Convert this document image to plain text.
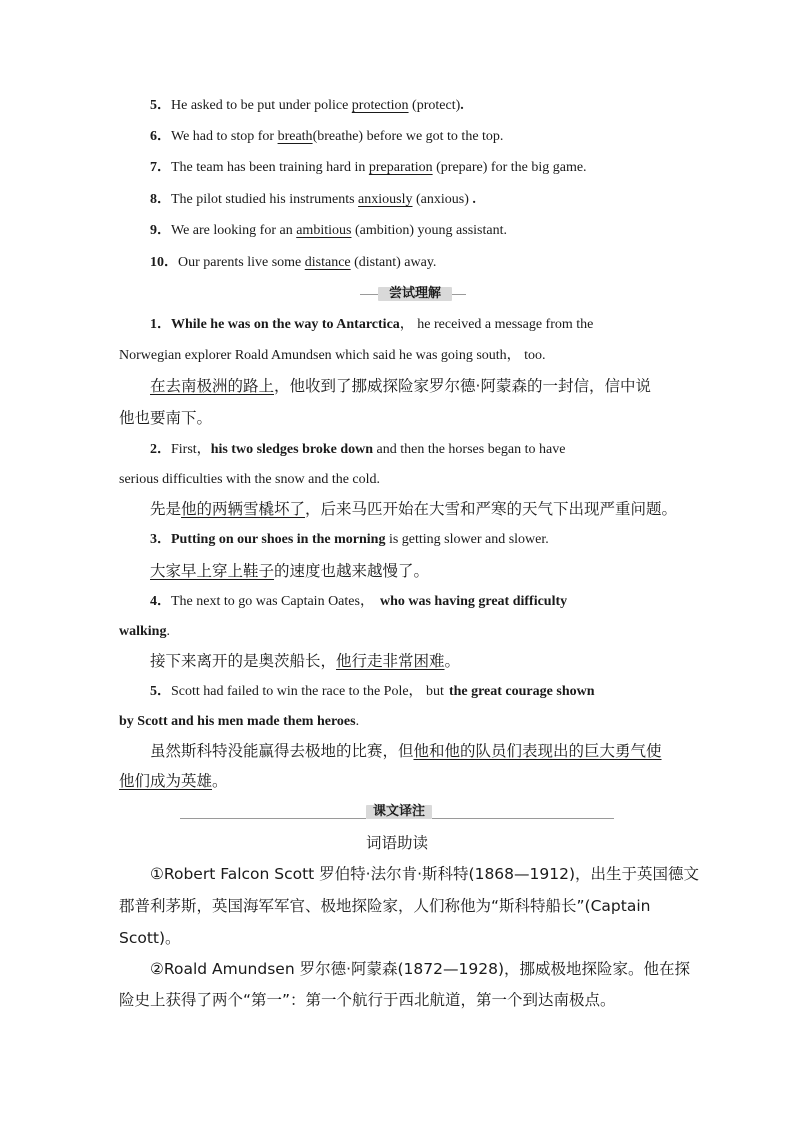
5．He asked to be put under police protection (protect).
6．We had to stop for breath(breathe) before we got to the top.
7．The team has been training hard in preparation (prepare) for the big game.
8．The pilot studied his instruments anxiously (anxious) .
9．We are looking for an ambitious (ambition) young assistant.
10．Our parents live some distance (distant) away.
尝试理解
1．While he was on the way to Antarctica， he received a message from the
Norwegian explorer Roald Amundsen which said he was going south， too.
在去南极洲的路上，他收到了挪威探险家罗尔德·阿蒙森的一封信，信中说
他也要南下。
2．First，his two sledges broke down and then the horses began to have
serious difficulties with the snow and the cold.
先是他的两辆雪橇坏了，后来马匹开始在大雪和严寒的天气下出现严重问题。
3．Putting on our shoes in the morning is getting slower and slower.
大家早上穿上鞋子的速度也越来越慢了。
4．The next to go was Captain Oates， who was having great difficulty
walking.
接下来离开的是奥茨船长，他行走非常困难。
5．Scott had failed to win the race to the Pole， but the great courage shown
by Scott and his men made them heroes.
虽然斯科特没能赢得去极地的比赛，但他和他的队员们表现出的巨大勇气使
他们成为英雄。
课文译注
词语助读
①Robert Falcon Scott 罗伯特·法尔肯·斯科特(1868—1912)，出生于英国德文
郡普利茅斯，英国海军军官、极地探险家，人们称他为“斯科特船长”(Captain
Scott)。
②Roald Amundsen 罗尔德·阿蒙森(1872—1928)，挪威极地探险家。他在探
险史上获得了两个“第一”：第一个航行于西北航道，第一个到达南极点。
